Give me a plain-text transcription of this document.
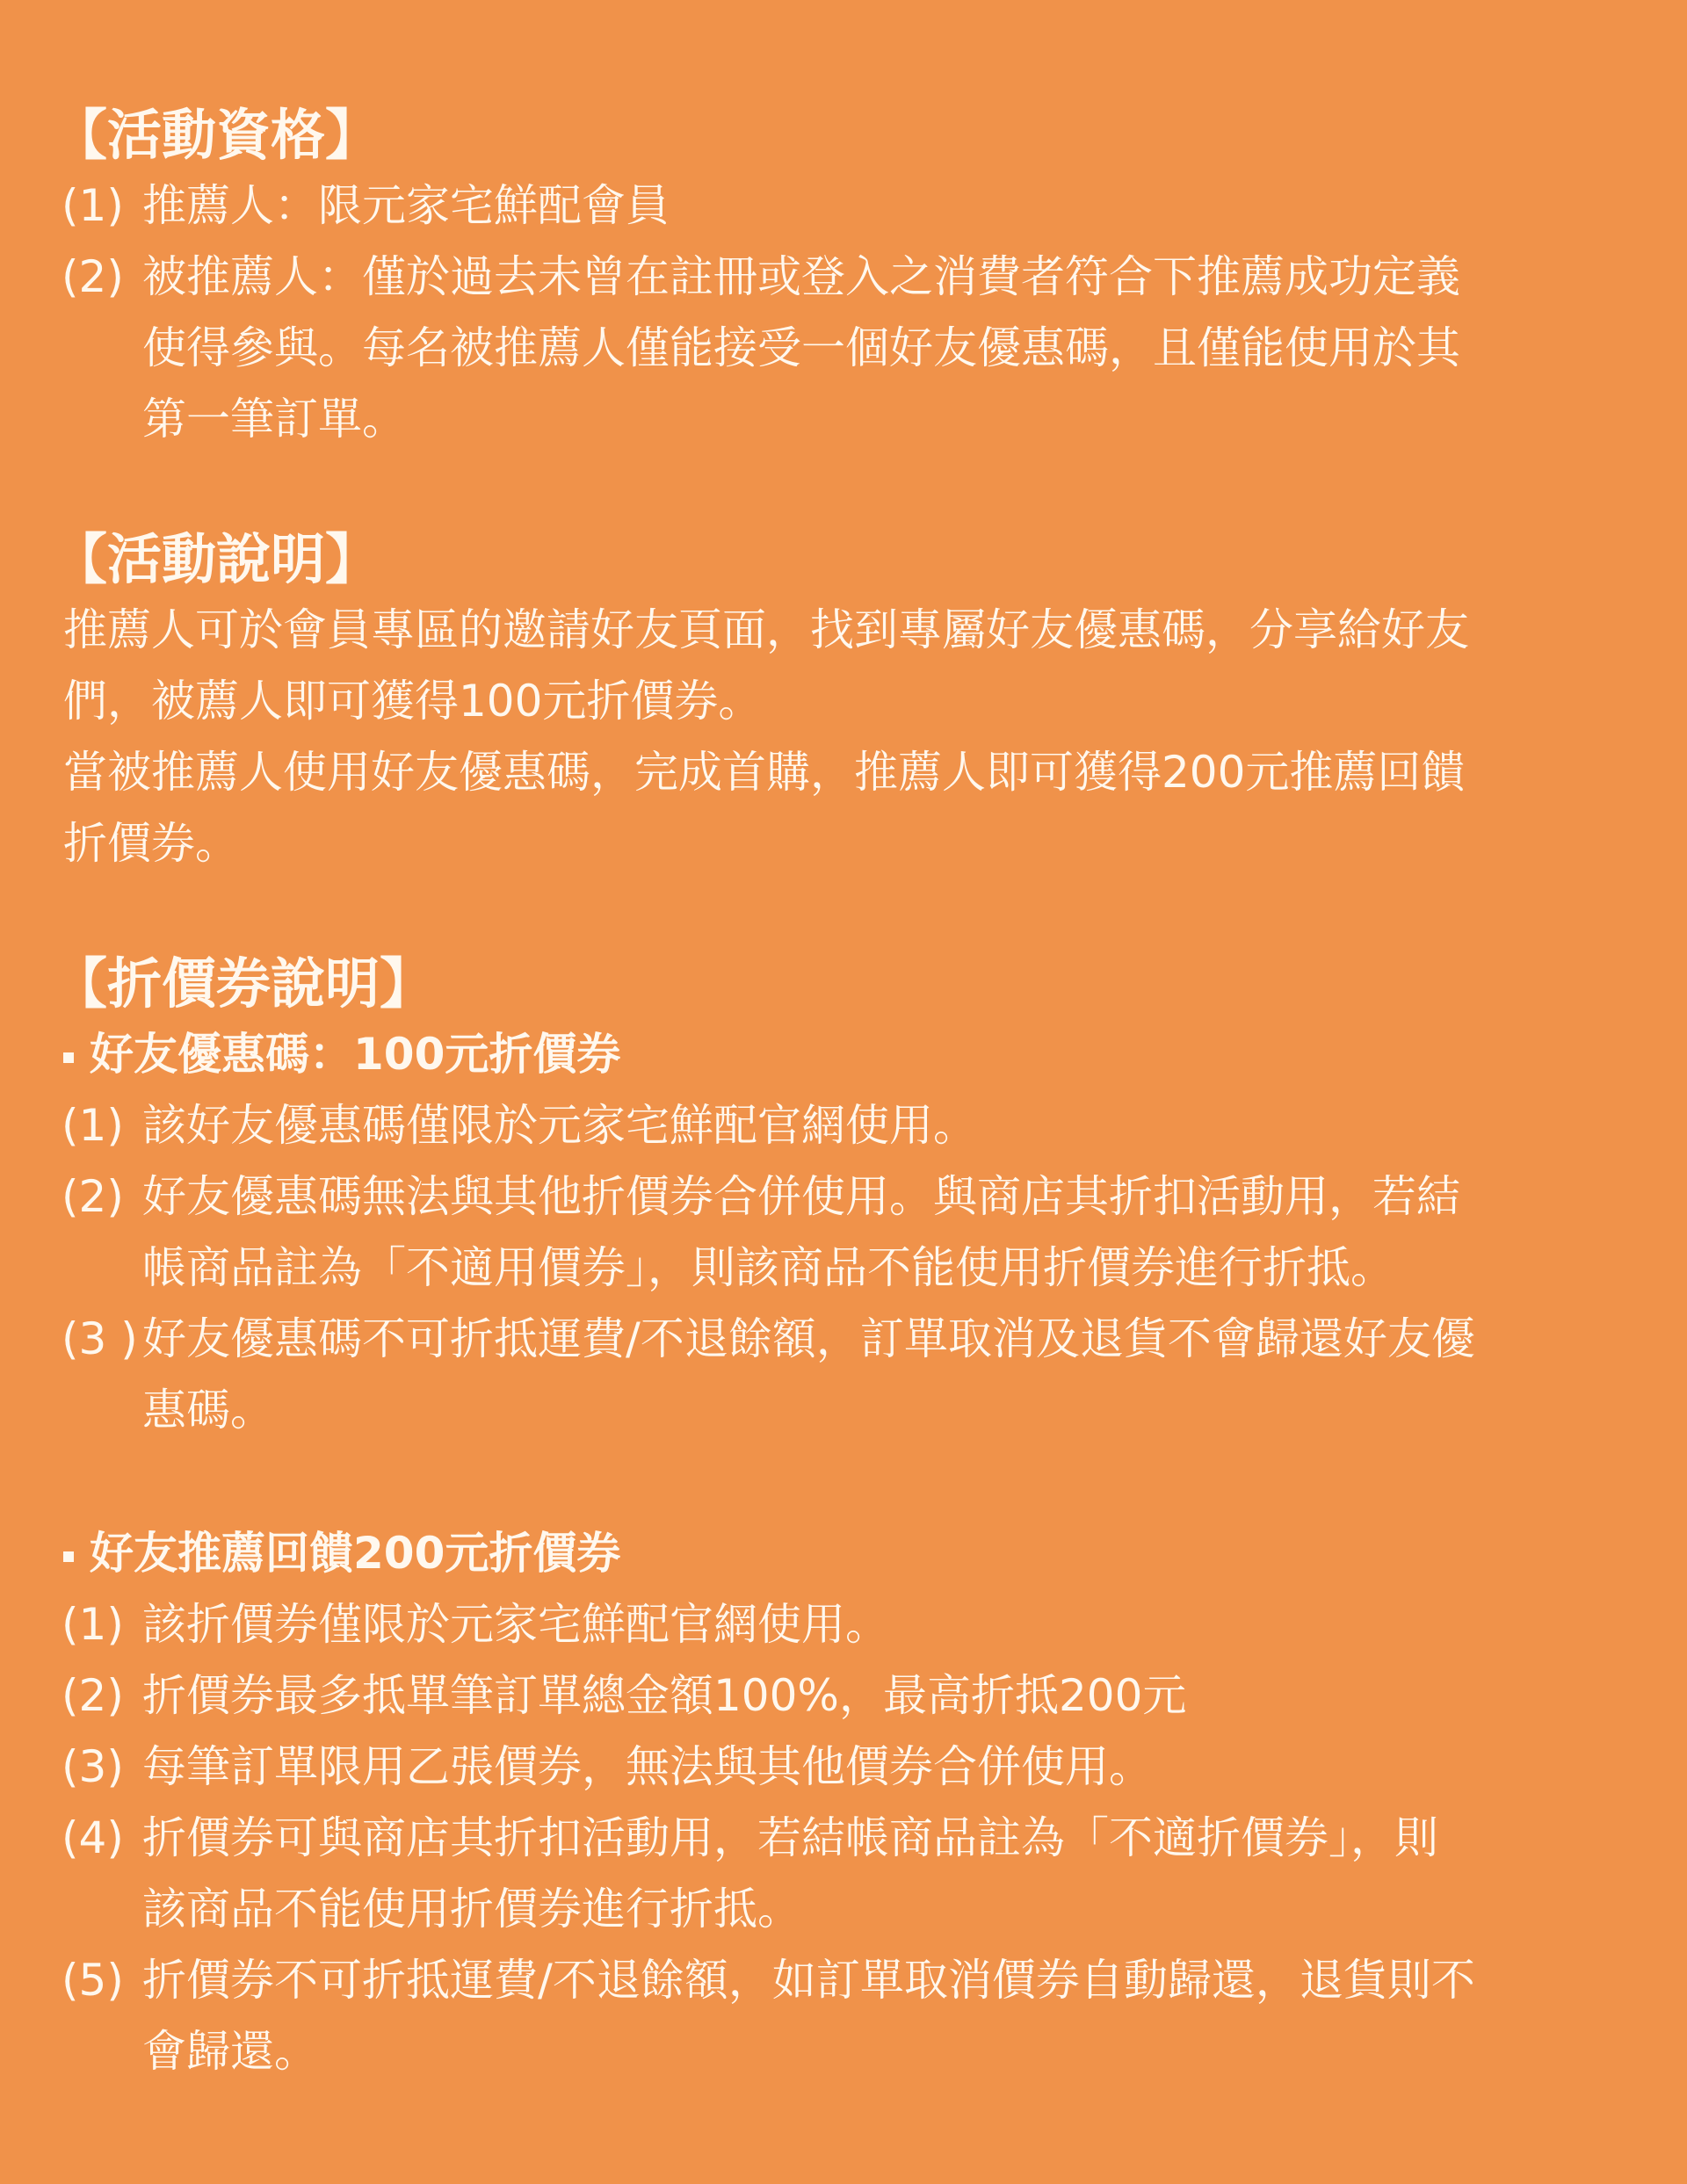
【活動資格】
(1) 推薦人：限元家宅鮮配會員
(2) 被推薦人：僅於過去未曾在註冊或登入之消費者符合下推薦成功定義
使得參與。每名被推薦人僅能接受一個好友優惠碼，且僅能使用於其
第一筆訂單。
【活動說明】
推薦人可於會員專區的邀請好友頁面，找到專屬好友優惠碼，分享給好友
們，被薦人即可獲得100元折價券。
當被推薦人使用好友優惠碼，完成首購，推薦人即可獲得200元推薦回饋
折價券。
【折價券說明】
好友優惠碼：100元折價券
(1) 該好友優惠碼僅限於元家宅鮮配官網使用。
(2) 好友優惠碼無法與其他折價券合併使用。與商店其折扣活動用，若結
帳商品註為「不適用價券」，則該商品不能使用折價券進行折抵。
(3 ) 好友優惠碼不可折抵運費/不退餘額，訂單取消及退貨不會歸還好友優
惠碼。
好友推薦回饋200元折價券
(1) 該折價券僅限於元家宅鮮配官網使用。
(2) 折價券最多抵單筆訂單總金額100%，最高折抵200元
(3) 每筆訂單限用乙張價券，無法與其他價券合併使用。
(4) 折價券可與商店其折扣活動用，若結帳商品註為「不適折價券」，則
該商品不能使用折價券進行折抵。
(5) 折價券不可折抵運費/不退餘額，如訂單取消價券自動歸還，退貨則不
會歸還。
